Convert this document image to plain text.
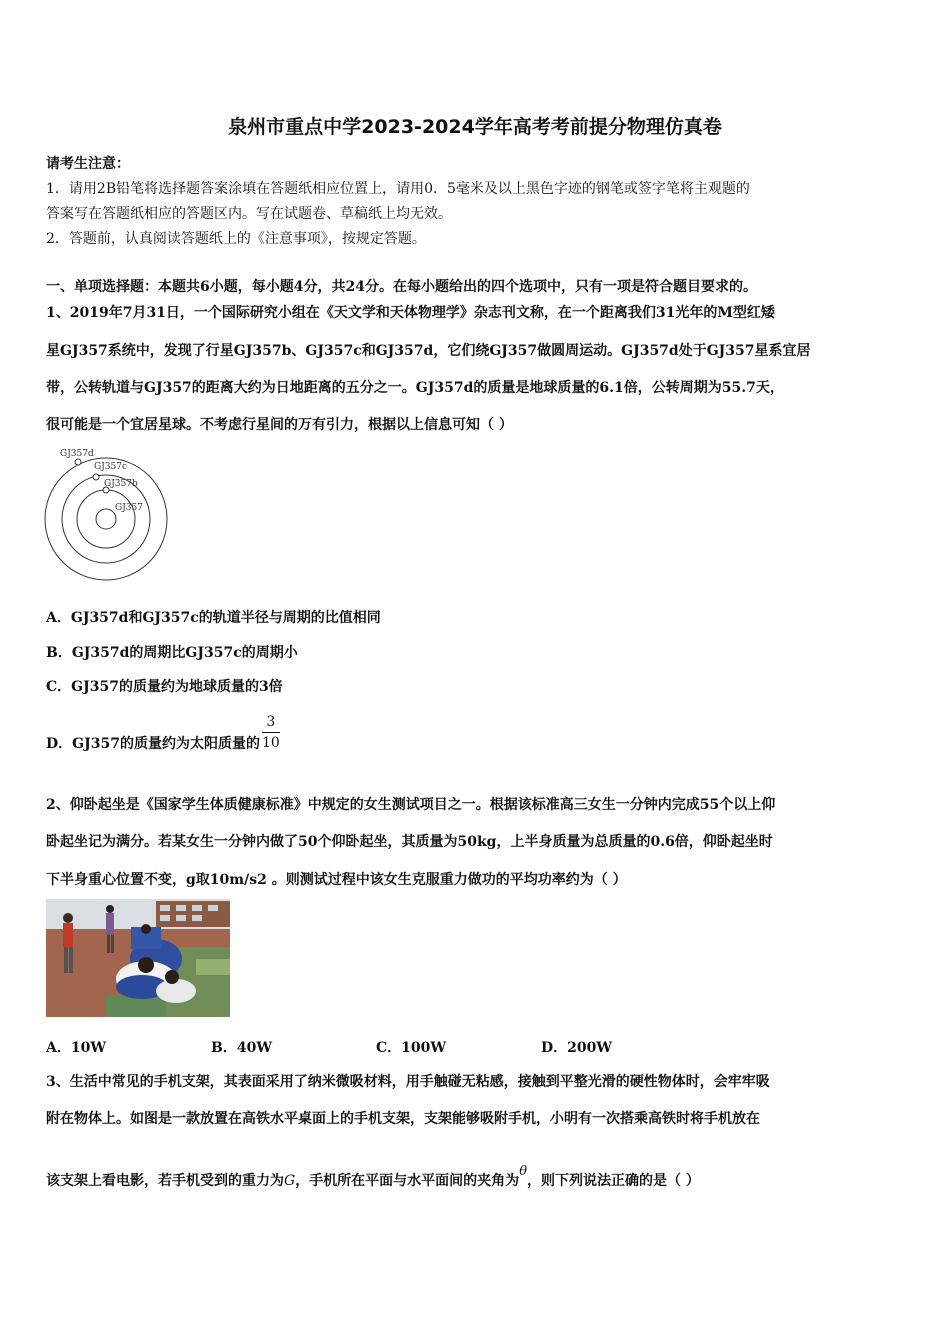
泉州市重点中学2023-2024学年高考考前提分物理仿真卷
请考生注意：
1．请用2B铅笔将选择题答案涂填在答题纸相应位置上，请用0．5毫米及以上黑色字迹的钢笔或签字笔将主观题的
答案写在答题纸相应的答题区内。写在试题卷、草稿纸上均无效。
2．答题前，认真阅读答题纸上的《注意事项》，按规定答题。
一、单项选择题：本题共6小题，每小题4分，共24分。在每小题给出的四个选项中，只有一项是符合题目要求的。
1、2019年7月31日，一个国际研究小组在《天文学和天体物理学》杂志刊文称，在一个距离我们31光年的M型红矮
星GJ357系统中，发现了行星GJ357b、GJ357c和GJ357d，它们绕GJ357做圆周运动。GJ357d处于GJ357星系宜居
带，公转轨道与GJ357的距离大约为日地距离的五分之一。GJ357d的质量是地球质量的6.1倍，公转周期为55.7天，
很可能是一个宜居星球。不考虑行星间的万有引力，根据以上信息可知（ ）
GJ357d
GJ357c
GJ357b
GJ357
A．GJ357d和GJ357c的轨道半径与周期的比值相同
B．GJ357d的周期比GJ357c的周期小
C．GJ357的质量约为地球质量的3倍
D．GJ357的质量约为太阳质量的 $\frac{3}{10}$
2、仰卧起坐是《国家学生体质健康标准》中规定的女生测试项目之一。根据该标准高三女生一分钟内完成55个以上仰
卧起坐记为满分。若某女生一分钟内做了50个仰卧起坐，其质量为50kg，上半身质量为总质量的0.6倍，仰卧起坐时
下半身重心位置不变，g取10m/s2 。则测试过程中该女生克服重力做功的平均功率约为（ ）
A．10W	B．40W	C．100W	D．200W
3、生活中常见的手机支架，其表面采用了纳米微吸材料，用手触碰无粘感，接触到平整光滑的硬性物体时，会牢牢吸
附在物体上。如图是一款放置在高铁水平桌面上的手机支架，支架能够吸附手机，小明有一次搭乘高铁时将手机放在
该支架上看电影，若手机受到的重力为G，手机所在平面与水平面间的夹角为θ，则下列说法正确的是（ ）
